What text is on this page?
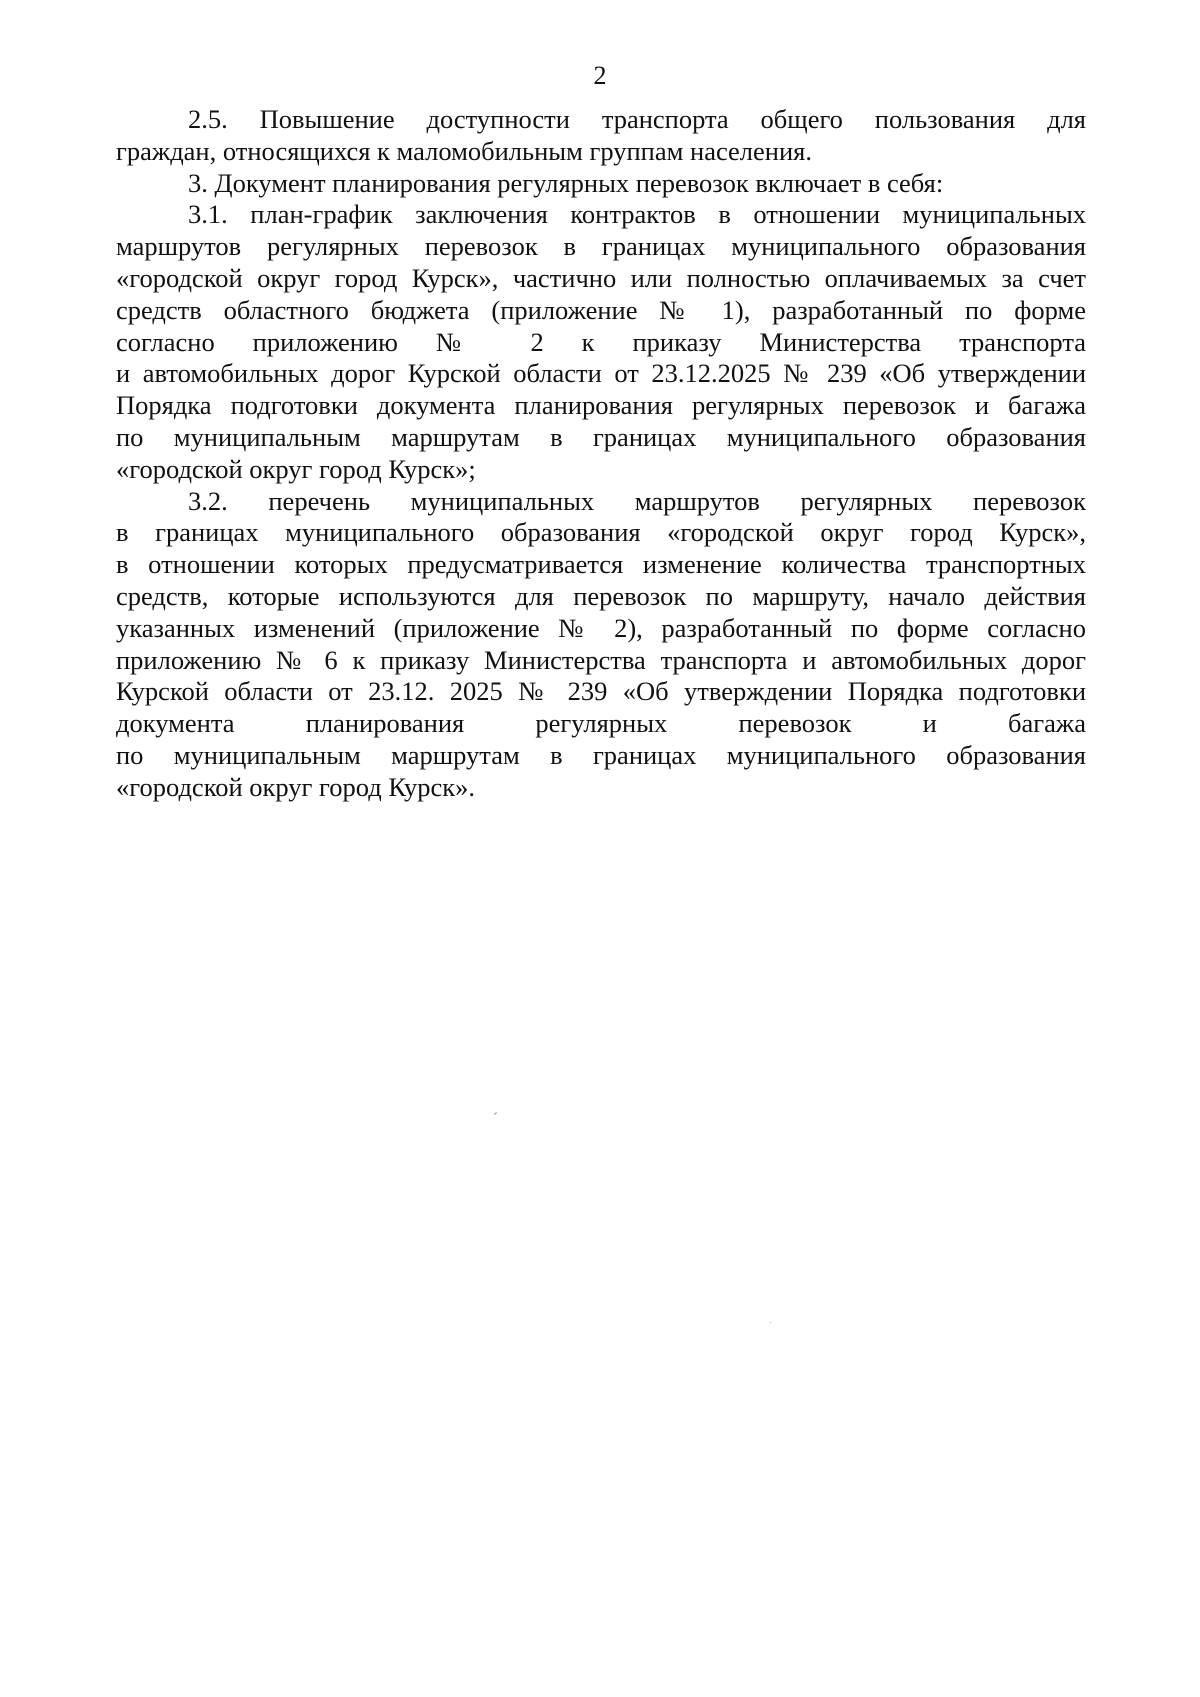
2
2.5. Повышение доступности транспорта общего пользования для
граждан, относящихся к маломобильным группам населения.
3. Документ планирования регулярных перевозок включает в себя:
3.1. план-график заключения контрактов в отношении муниципальных
маршрутов регулярных перевозок в границах муниципального образования
«городской округ город Курск», частично или полностью оплачиваемых за счет
средств областного бюджета (приложение № 1), разработанный по форме
согласно приложению № 2 к приказу Министерства транспорта
и автомобильных дорог Курской области от 23.12.2025 № 239 «Об утверждении
Порядка подготовки документа планирования регулярных перевозок и багажа
по муниципальным маршрутам в границах муниципального образования
«городской округ город Курск»;
3.2. перечень муниципальных маршрутов регулярных перевозок
в границах муниципального образования «городской округ город Курск»,
в отношении которых предусматривается изменение количества транспортных
средств, которые используются для перевозок по маршруту, начало действия
указанных изменений (приложение № 2), разработанный по форме согласно
приложению № 6 к приказу Министерства транспорта и автомобильных дорог
Курской области от 23.12. 2025 № 239 «Об утверждении Порядка подготовки
документа планирования регулярных перевозок и багажа
по муниципальным маршрутам в границах муниципального образования
«городской округ город Курск».
